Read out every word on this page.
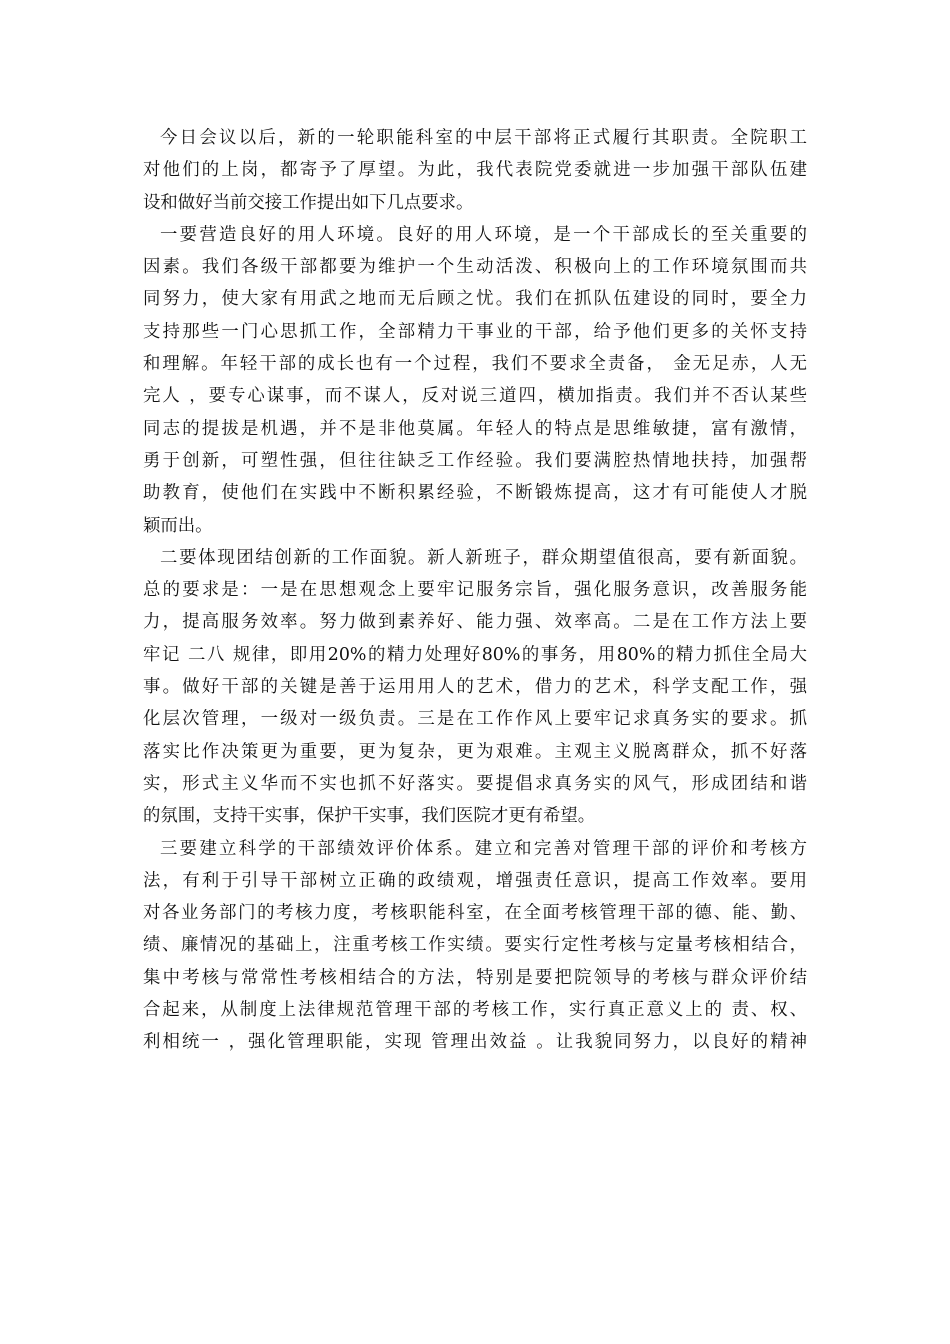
今日会议以后，新的一轮职能科室的中层干部将正式履行其职责。全院职工
对他们的上岗，都寄予了厚望。为此，我代表院党委就进一步加强干部队伍建
设和做好当前交接工作提出如下几点要求。
一要营造良好的用人环境。良好的用人环境，是一个干部成长的至关重要的
因素。我们各级干部都要为维护一个生动活泼、积极向上的工作环境氛围而共
同努力，使大家有用武之地而无后顾之忧。我们在抓队伍建设的同时，要全力
支持那些一门心思抓工作，全部精力干事业的干部，给予他们更多的关怀支持
和理解。年轻干部的成长也有一个过程，我们不要求全责备， 金无足赤，人无
完人 ，要专心谋事，而不谋人，反对说三道四，横加指责。我们并不否认某些
同志的提拔是机遇，并不是非他莫属。年轻人的特点是思维敏捷，富有激情，
勇于创新，可塑性强，但往往缺乏工作经验。我们要满腔热情地扶持，加强帮
助教育，使他们在实践中不断积累经验，不断锻炼提高，这才有可能使人才脱
颖而出。
二要体现团结创新的工作面貌。新人新班子，群众期望值很高，要有新面貌。
总的要求是：一是在思想观念上要牢记服务宗旨，强化服务意识，改善服务能
力，提高服务效率。努力做到素养好、能力强、效率高。二是在工作方法上要
牢记 二八 规律，即用20%的精力处理好80%的事务，用80%的精力抓住全局大
事。做好干部的关键是善于运用用人的艺术，借力的艺术，科学支配工作，强
化层次管理，一级对一级负责。三是在工作作风上要牢记求真务实的要求。抓
落实比作决策更为重要，更为复杂，更为艰难。主观主义脱离群众，抓不好落
实，形式主义华而不实也抓不好落实。要提倡求真务实的风气，形成团结和谐
的氛围，支持干实事，保护干实事，我们医院才更有希望。
三要建立科学的干部绩效评价体系。建立和完善对管理干部的评价和考核方
法，有利于引导干部树立正确的政绩观，增强责任意识，提高工作效率。要用
对各业务部门的考核力度，考核职能科室，在全面考核管理干部的德、能、勤、
绩、廉情况的基础上，注重考核工作实绩。要实行定性考核与定量考核相结合，
集中考核与常常性考核相结合的方法，特别是要把院领导的考核与群众评价结
合起来，从制度上法律规范管理干部的考核工作，实行真正意义上的 责、权、
利相统一 ，强化管理职能，实现 管理出效益 。让我貌同努力，以良好的精神
